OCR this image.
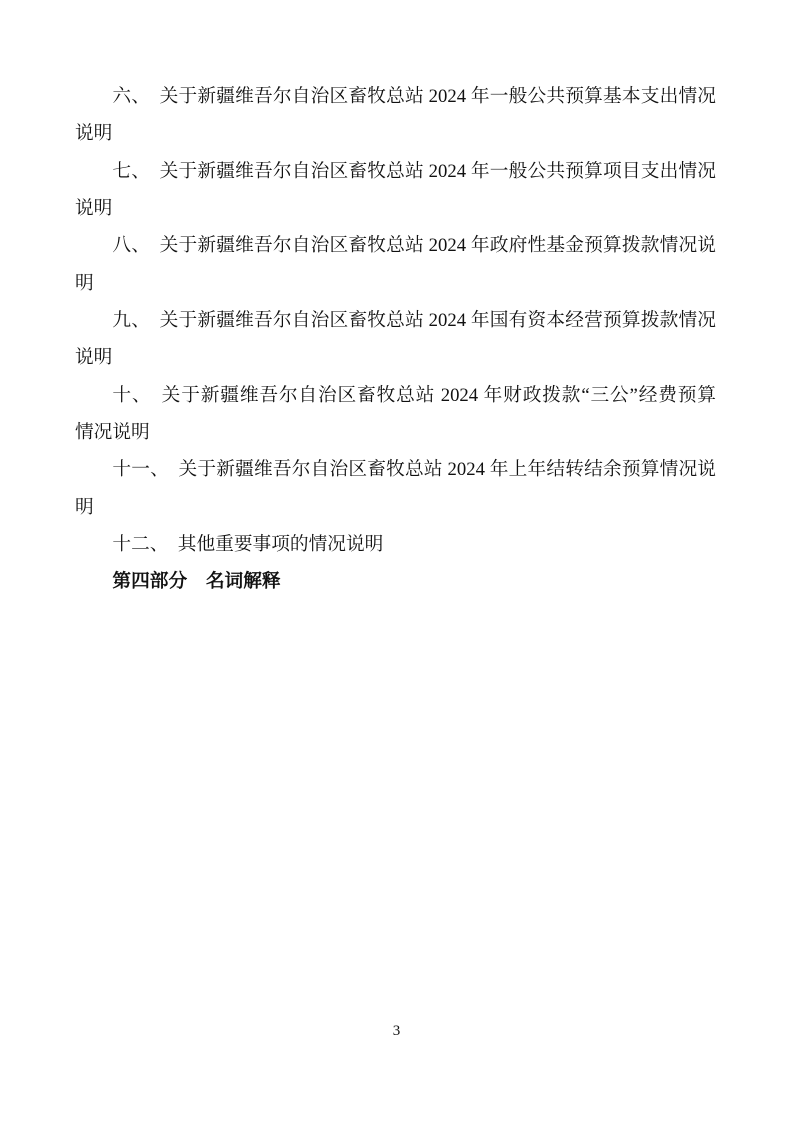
六、 关于新疆维吾尔自治区畜牧总站 2024 年一般公共预算基本支出情况
说明
七、 关于新疆维吾尔自治区畜牧总站 2024 年一般公共预算项目支出情况
说明
八、 关于新疆维吾尔自治区畜牧总站 2024 年政府性基金预算拨款情况说
明
九、 关于新疆维吾尔自治区畜牧总站 2024 年国有资本经营预算拨款情况
说明
十、 关于新疆维吾尔自治区畜牧总站 2024 年财政拨款“三公”经费预算
情况说明
十一、 关于新疆维吾尔自治区畜牧总站 2024 年上年结转结余预算情况说
明
十二、 其他重要事项的情况说明
第四部分　名词解释
3
